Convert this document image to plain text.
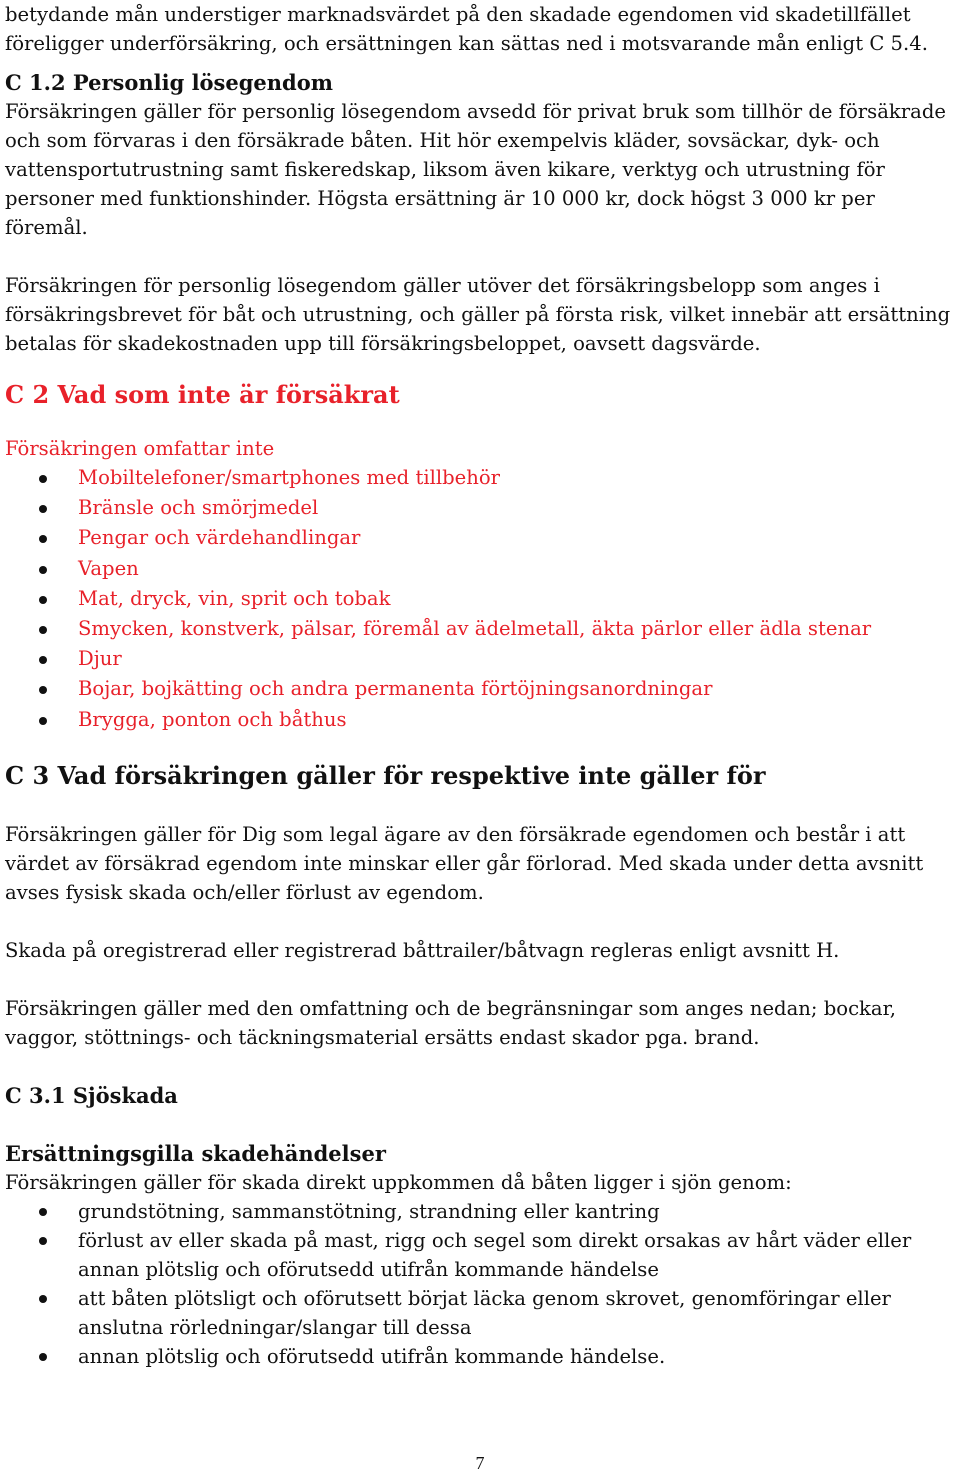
betydande mån understiger marknadsvärdet på den skadade egendomen vid skadetillfället föreligger underförsäkring, och ersättningen kan sättas ned i motsvarande mån enligt C 5.4.

C 1.2 Personlig lösegendom

Försäkringen gäller för personlig lösegendom avsedd för privat bruk som tillhör de försäkrade och som förvaras i den försäkrade båten. Hit hör exempelvis kläder, sovsäckar, dyk- och vattensportutrustning samt fiskeredskap, liksom även kikare, verktyg och utrustning för personer med funktionshinder. Högsta ersättning är 10 000 kr, dock högst 3 000 kr per föremål.

Försäkringen för personlig lösegendom gäller utöver det försäkringsbelopp som anges i försäkringsbrevet för båt och utrustning, och gäller på första risk, vilket innebär att ersättning betalas för skadekostnaden upp till försäkringsbeloppet, oavsett dagsvärde.

C 2 Vad som inte är försäkrat

Försäkringen omfattar inte

Mobiltelefoner/smartphones med tillbehör
Bränsle och smörjmedel
Pengar och värdehandlingar
Vapen
Mat, dryck, vin, sprit och tobak
Smycken, konstverk, pälsar, föremål av ädelmetall, äkta pärlor eller ädla stenar
Djur
Bojar, bojkätting och andra permanenta förtöjningsanordningar
Brygga, ponton och båthus
C 3 Vad försäkringen gäller för respektive inte gäller för

Försäkringen gäller för Dig som legal ägare av den försäkrade egendomen och består i att värdet av försäkrad egendom inte minskar eller går förlorad. Med skada under detta avsnitt avses fysisk skada och/eller förlust av egendom.

Skada på oregistrerad eller registrerad båttrailer/båtvagn regleras enligt avsnitt H.

Försäkringen gäller med den omfattning och de begränsningar som anges nedan; bockar, vaggor, stöttnings- och täckningsmaterial ersätts endast skador pga. brand.

C 3.1 Sjöskada
Ersättningsgilla skadehändelser

Försäkringen gäller för skada direkt uppkommen då båten ligger i sjön genom:

grundstötning, sammanstötning, strandning eller kantring
förlust av eller skada på mast, rigg och segel som direkt orsakas av hårt väder eller annan plötslig och oförutsedd utifrån kommande händelse
att båten plötsligt och oförutsett börjat läcka genom skrovet, genomföringar eller anslutna rörledningar/slangar till dessa
annan plötslig och oförutsedd utifrån kommande händelse.
7
